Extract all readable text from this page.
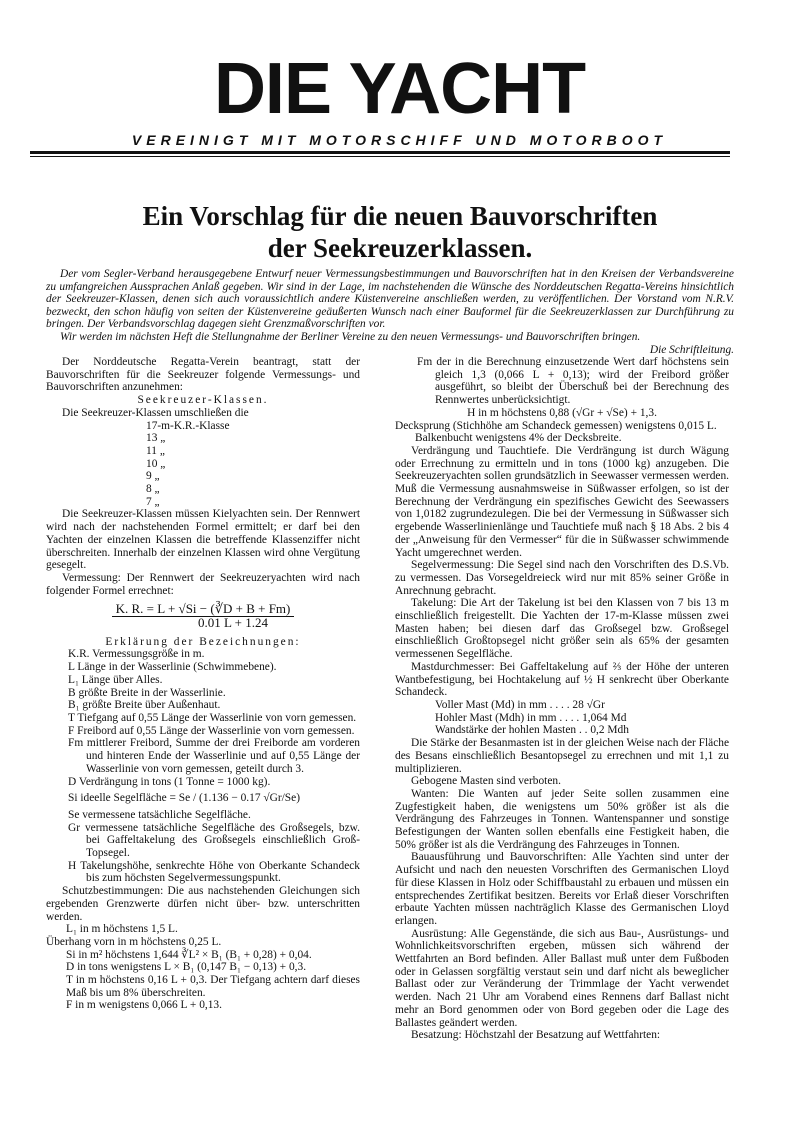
DIE YACHT
VEREINIGT MIT MOTORSCHIFF UND MOTORBOOT
Ein Vorschlag für die neuen Bauvorschriften
der Seekreuzerklassen.

Der vom Segler-Verband herausgegebene Entwurf neuer Vermessungsbestimmungen und Bauvorschriften hat in den Kreisen der Verbandsvereine zu umfangreichen Aussprachen Anlaß gegeben. Wir sind in der Lage, im nachstehenden die Wünsche des Norddeutschen Regatta-Vereins hinsichtlich der Seekreuzer-Klassen, denen sich auch voraussichtlich andere Küstenvereine anschließen werden, zu veröffentlichen. Der Vorstand vom N.R.V. bezweckt, den schon häufig von seiten der Küstenvereine geäußerten Wunsch nach einer Bauformel für die Seekreuzerklassen zur Durchführung zu bringen. Der Verbandsvorschlag dagegen sieht Grenzmaßvorschriften vor.

Wir werden im nächsten Heft die Stellungnahme der Berliner Vereine zu den neuen Vermessungs- und Bauvorschriften bringen.

Die Schriftleitung.

Der Norddeutsche Regatta-Verein beantragt, statt der Bauvorschriften für die Seekreuzer folgende Vermessungs- und Bauvorschriften anzunehmen:

Seekreuzer-Klassen.

Die Seekreuzer-Klassen umschließen die

17-m-K.R.-Klasse

13 „

11 „

10 „

9 „

8 „

7 „

Die Seekreuzer-Klassen müssen Kielyachten sein. Der Rennwert wird nach der nachstehenden Formel ermittelt; er darf bei den Yachten der einzelnen Klassen die betreffende Klassenziffer nicht überschreiten. Innerhalb der einzelnen Klassen wird ohne Vergütung gesegelt.

Vermessung: Der Rennwert der Seekreuzeryachten wird nach folgender Formel errechnet:

K. R. = L + √Si − (∛D + B + Fm)
0.01 L + 1.24

Erklärung der Bezeichnungen:

K.R. Vermessungsgröße in m.

L Länge in der Wasserlinie (Schwimmebene).

L₁ Länge über Alles.

B größte Breite in der Wasserlinie.

B₁ größte Breite über Außenhaut.

T Tiefgang auf 0,55 Länge der Wasserlinie von vorn gemessen.

F Freibord auf 0,55 Länge der Wasserlinie von vorn gemessen.

Fm mittlerer Freibord, Summe der drei Freiborde am vorderen und hinteren Ende der Wasserlinie und auf 0,55 Länge der Wasserlinie von vorn gemessen, geteilt durch 3.

D Verdrängung in tons (1 Tonne = 1000 kg).

Si ideelle Segelfläche = Se / (1.136 − 0.17 √Gr/Se)

Se vermessene tatsächliche Segelfläche.

Gr vermessene tatsächliche Segelfläche des Großsegels, bzw. bei Gaffeltakelung des Großsegels einschließlich Groß-Topsegel.

H Takelungshöhe, senkrechte Höhe von Oberkante Schandeck bis zum höchsten Segelvermessungspunkt.

Schutzbestimmungen: Die aus nachstehenden Gleichungen sich ergebenden Grenzwerte dürfen nicht über- bzw. unterschritten werden.

L₁ in m höchstens 1,5 L.

Überhang vorn in m höchstens 0,25 L.

Si in m² höchstens 1,644 ∛L² × B₁ (B₁ + 0,28) + 0,04.

D in tons wenigstens L × B₁ (0,147 B₁ − 0,13) + 0,3.

T in m höchstens 0,16 L + 0,3. Der Tiefgang achtern darf dieses Maß bis um 8% überschreiten.

F in m wenigstens 0,066 L + 0,13.

Fm der in die Berechnung einzusetzende Wert darf höchstens sein gleich 1,3 (0,066 L + 0,13); wird der Freibord größer ausgeführt, so bleibt der Überschuß bei der Berechnung des Rennwertes unberücksichtigt.

H in m höchstens 0,88 (√Gr + √Se) + 1,3.

Decksprung (Stichhöhe am Schandeck gemessen) wenigstens 0,015 L.

Balkenbucht wenigstens 4% der Decksbreite.

Verdrängung und Tauchtiefe. Die Verdrängung ist durch Wägung oder Errechnung zu ermitteln und in tons (1000 kg) anzugeben. Die Seekreuzeryachten sollen grundsätzlich in Seewasser vermessen werden. Muß die Vermessung ausnahmsweise in Süßwasser erfolgen, so ist der Berechnung der Verdrängung ein spezifisches Gewicht des Seewassers von 1,0182 zugrundezulegen. Die bei der Vermessung in Süßwasser sich ergebende Wasserlinienlänge und Tauchtiefe muß nach § 18 Abs. 2 bis 4 der „Anweisung für den Vermesser“ für die in Süßwasser schwimmende Yacht umgerechnet werden.

Segelvermessung: Die Segel sind nach den Vorschriften des D.S.Vb. zu vermessen. Das Vorsegeldreieck wird nur mit 85% seiner Größe in Anrechnung gebracht.

Takelung: Die Art der Takelung ist bei den Klassen von 7 bis 13 m einschließlich freigestellt. Die Yachten der 17-m-Klasse müssen zwei Masten haben; bei diesen darf das Großsegel bzw. Großsegel einschließlich Großtopsegel nicht größer sein als 65% der gesamten vermessenen Segelfläche.

Mastdurchmesser: Bei Gaffeltakelung auf ⅔ der Höhe der unteren Wantbefestigung, bei Hochtakelung auf ½ H senkrecht über Oberkante Schandeck.

Voller Mast (Md) in mm . . . . 28 √Gr

Hohler Mast (Mdh) in mm . . . . 1,064 Md

Wandstärke der hohlen Masten . . 0,2 Mdh

Die Stärke der Besanmasten ist in der gleichen Weise nach der Fläche des Besans einschließlich Besantopsegel zu errechnen und mit 1,1 zu multiplizieren.

Gebogene Masten sind verboten.

Wanten: Die Wanten auf jeder Seite sollen zusammen eine Zugfestigkeit haben, die wenigstens um 50% größer ist als die Verdrängung des Fahrzeuges in Tonnen. Wantenspanner und sonstige Befestigungen der Wanten sollen ebenfalls eine Festigkeit haben, die 50% größer ist als die Verdrängung des Fahrzeuges in Tonnen.

Bauausführung und Bauvorschriften: Alle Yachten sind unter der Aufsicht und nach den neuesten Vorschriften des Germanischen Lloyd für diese Klassen in Holz oder Schiffbaustahl zu erbauen und müssen ein entsprechendes Zertifikat besitzen. Bereits vor Erlaß dieser Vorschriften erbaute Yachten müssen nachträglich Klasse des Germanischen Lloyd erlangen.

Ausrüstung: Alle Gegenstände, die sich aus Bau-, Ausrüstungs- und Wohnlichkeitsvorschriften ergeben, müssen sich während der Wettfahrten an Bord befinden. Aller Ballast muß unter dem Fußboden oder in Gelassen sorgfältig verstaut sein und darf nicht als beweglicher Ballast oder zur Veränderung der Trimmlage der Yacht verwendet werden. Nach 21 Uhr am Vorabend eines Rennens darf Ballast nicht mehr an Bord genommen oder von Bord gegeben oder die Lage des Ballastes geändert werden.

Besatzung: Höchstzahl der Besatzung auf Wettfahrten:
